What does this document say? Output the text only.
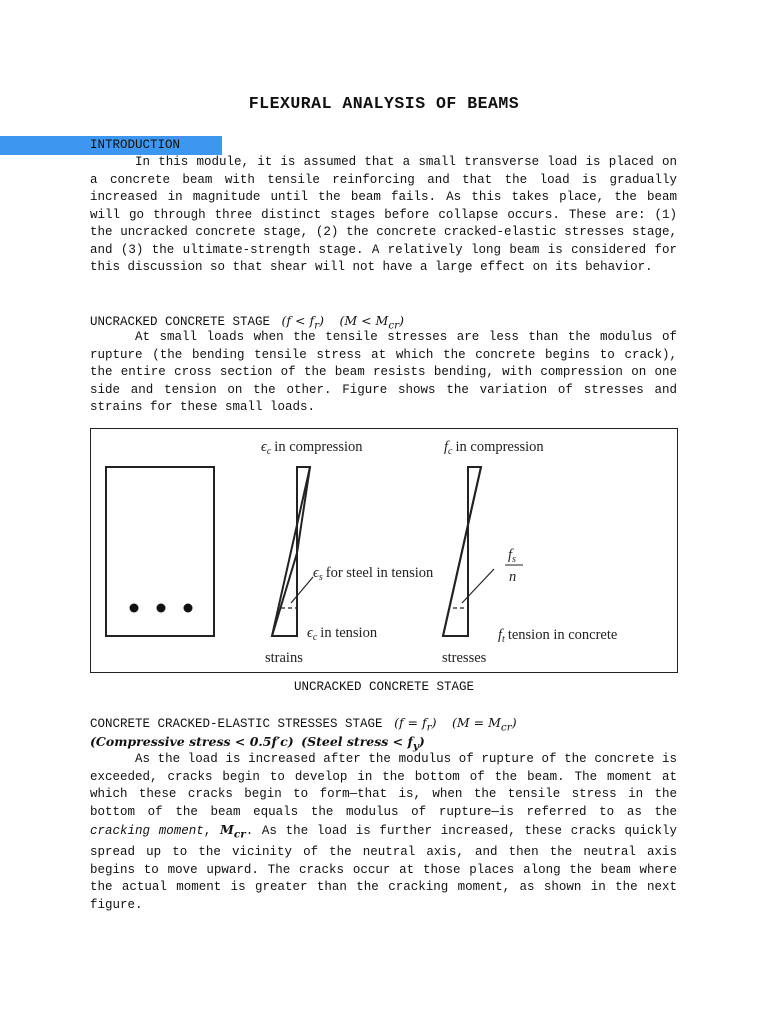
FLEXURAL ANALYSIS OF BEAMS
INTRODUCTION

In this module, it is assumed that a small transverse load is placed on a concrete beam with tensile reinforcing and that the load is gradually increased in magnitude until the beam fails. As this takes place, the beam will go through three distinct stages before collapse occurs. These are: (1) the uncracked concrete stage, (2) the concrete cracked-elastic stresses stage, and (3) the ultimate-strength stage. A relatively long beam is considered for this discussion so that shear will not have a large effect on its behavior.

UNCRACKED CONCRETE STAGE $(f < f_r)$ $(M < M_{cr})$

At small loads when the tensile stresses are less than the modulus of rupture (the bending tensile stress at which the concrete begins to crack), the entire cross section of the beam resists bending, with compression on one side and tension on the other. Figure shows the variation of stresses and strains for these small loads.

$\epsilon_c$ in compression
$\epsilon_s$ for steel in tension
$\epsilon_c$ in tension
strains
$f_c$ in compression
$f_s$
n
$f_t$ tension in concrete
stresses
UNCRACKED CONCRETE STAGE
CONCRETE CRACKED-ELASTIC STRESSES STAGE $(f = f_r)$ $(M = M_{cr})$
(Compressive stress < 0.5f′c) (Steel stress < $f_y$)

As the load is increased after the modulus of rupture of the concrete is exceeded, cracks begin to develop in the bottom of the beam. The moment at which these cracks begin to form—that is, when the tensile stress in the bottom of the beam equals the modulus of rupture—is referred to as the cracking moment, $M_{cr}$. As the load is further increased, these cracks quickly spread up to the vicinity of the neutral axis, and then the neutral axis begins to move upward. The cracks occur at those places along the beam where the actual moment is greater than the cracking moment, as shown in the next figure.
